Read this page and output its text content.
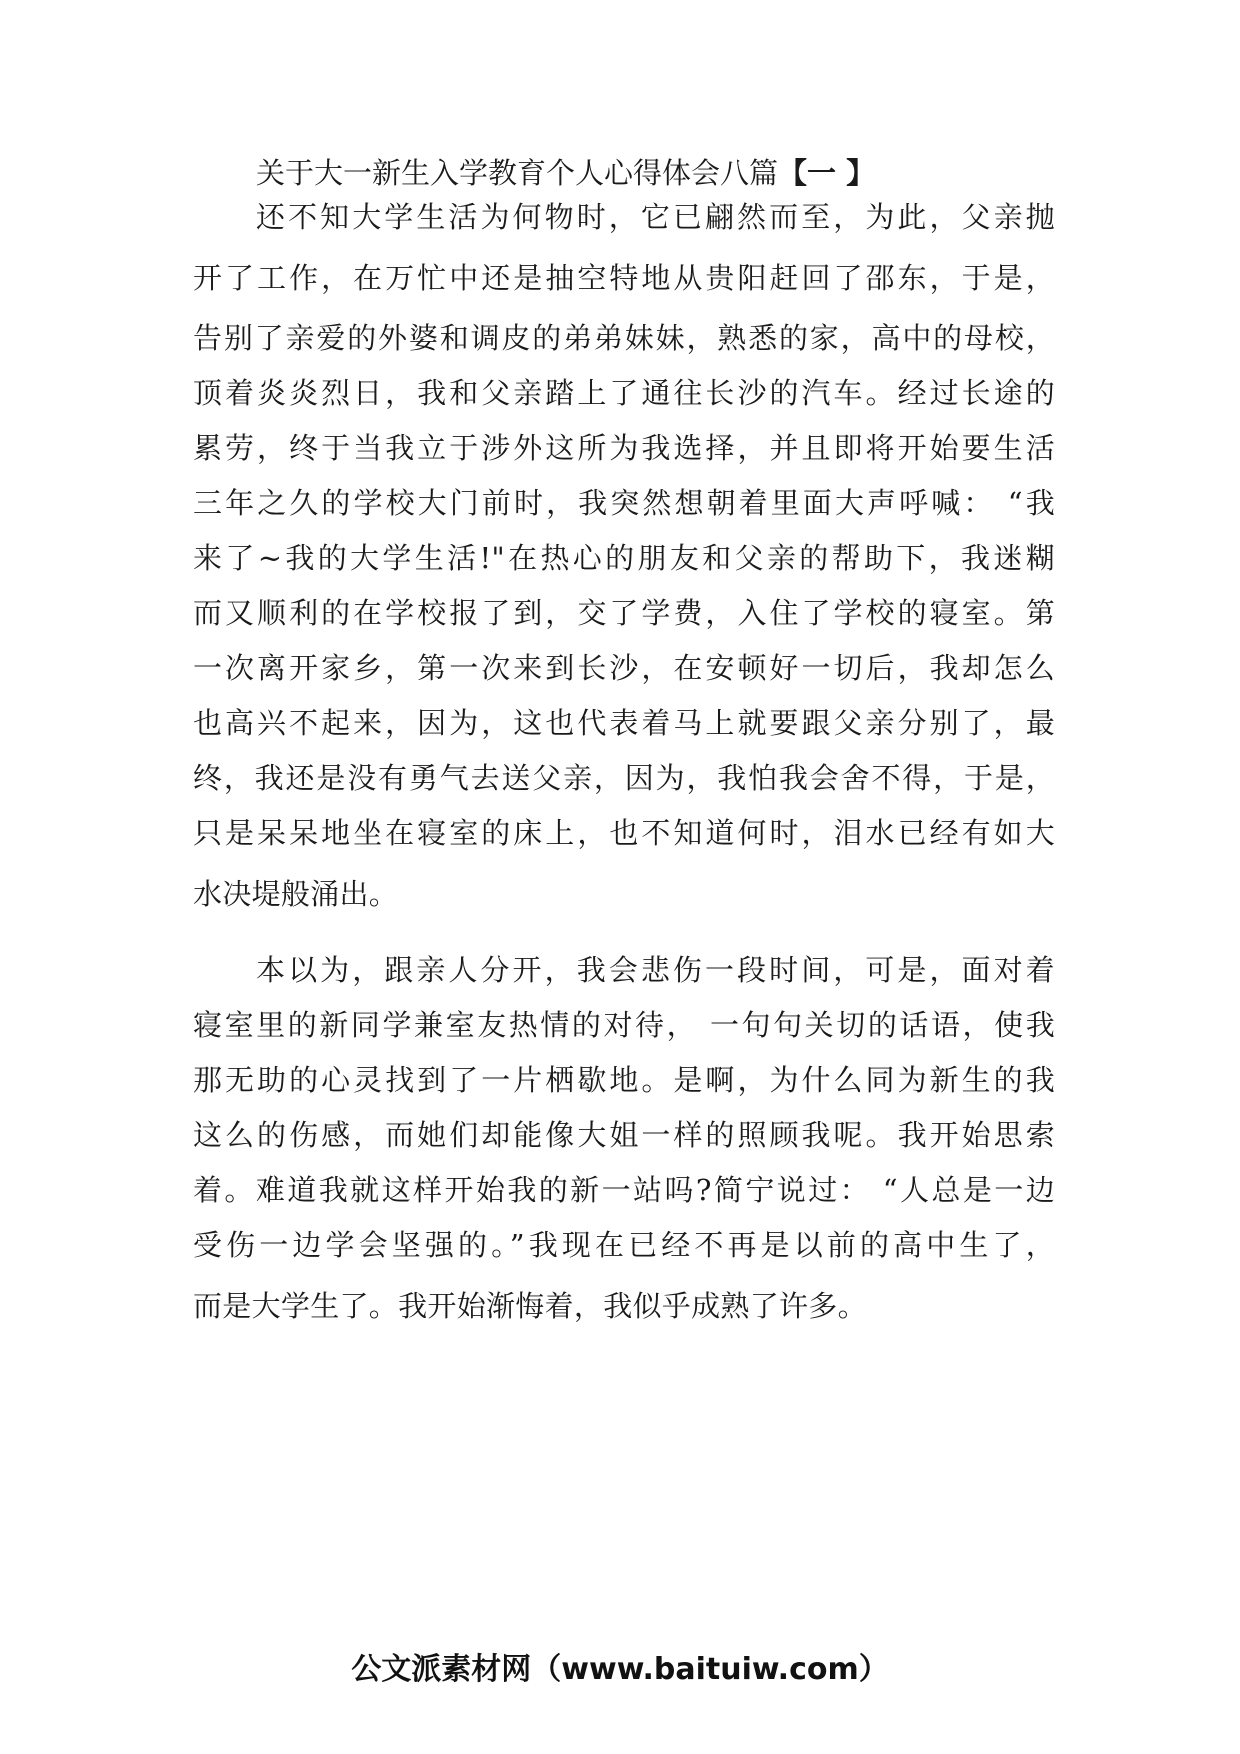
关于大一新生入学教育个人心得体会八篇【一 】
还不知大学生活为何物时，它已翩然而至，为此，父亲抛
开了工作，在万忙中还是抽空特地从贵阳赶回了邵东，于是，
告别了亲爱的外婆和调皮的弟弟妹妹，熟悉的家，高中的母校，
顶着炎炎烈日，我和父亲踏上了通往长沙的汽车。经过长途的
累劳，终于当我立于涉外这所为我选择，并且即将开始要生活
三年之久的学校大门前时，我突然想朝着里面大声呼喊： “我
来了~我的大学生活!"在热心的朋友和父亲的帮助下，我迷糊
而又顺利的在学校报了到，交了学费，入住了学校的寝室。第
一次离开家乡，第一次来到长沙，在安顿好一切后，我却怎么
也高兴不起来，因为，这也代表着马上就要跟父亲分别了，最
终，我还是没有勇气去送父亲，因为，我怕我会舍不得，于是，
只是呆呆地坐在寝室的床上，也不知道何时，泪水已经有如大
水决堤般涌出。
本以为，跟亲人分开，我会悲伤一段时间，可是，面对着
寝室里的新同学兼室友热情的对待， 一句句关切的话语，使我
那无助的心灵找到了一片栖歇地。是啊，为什么同为新生的我
这么的伤感，而她们却能像大姐一样的照顾我呢。我开始思索
着。难道我就这样开始我的新一站吗?简宁说过： “人总是一边
受伤一边学会坚强的。”我现在已经不再是以前的高中生了，
而是大学生了。我开始渐悔着，我似乎成熟了许多。
公文派素材网（www.baituiw.com）
